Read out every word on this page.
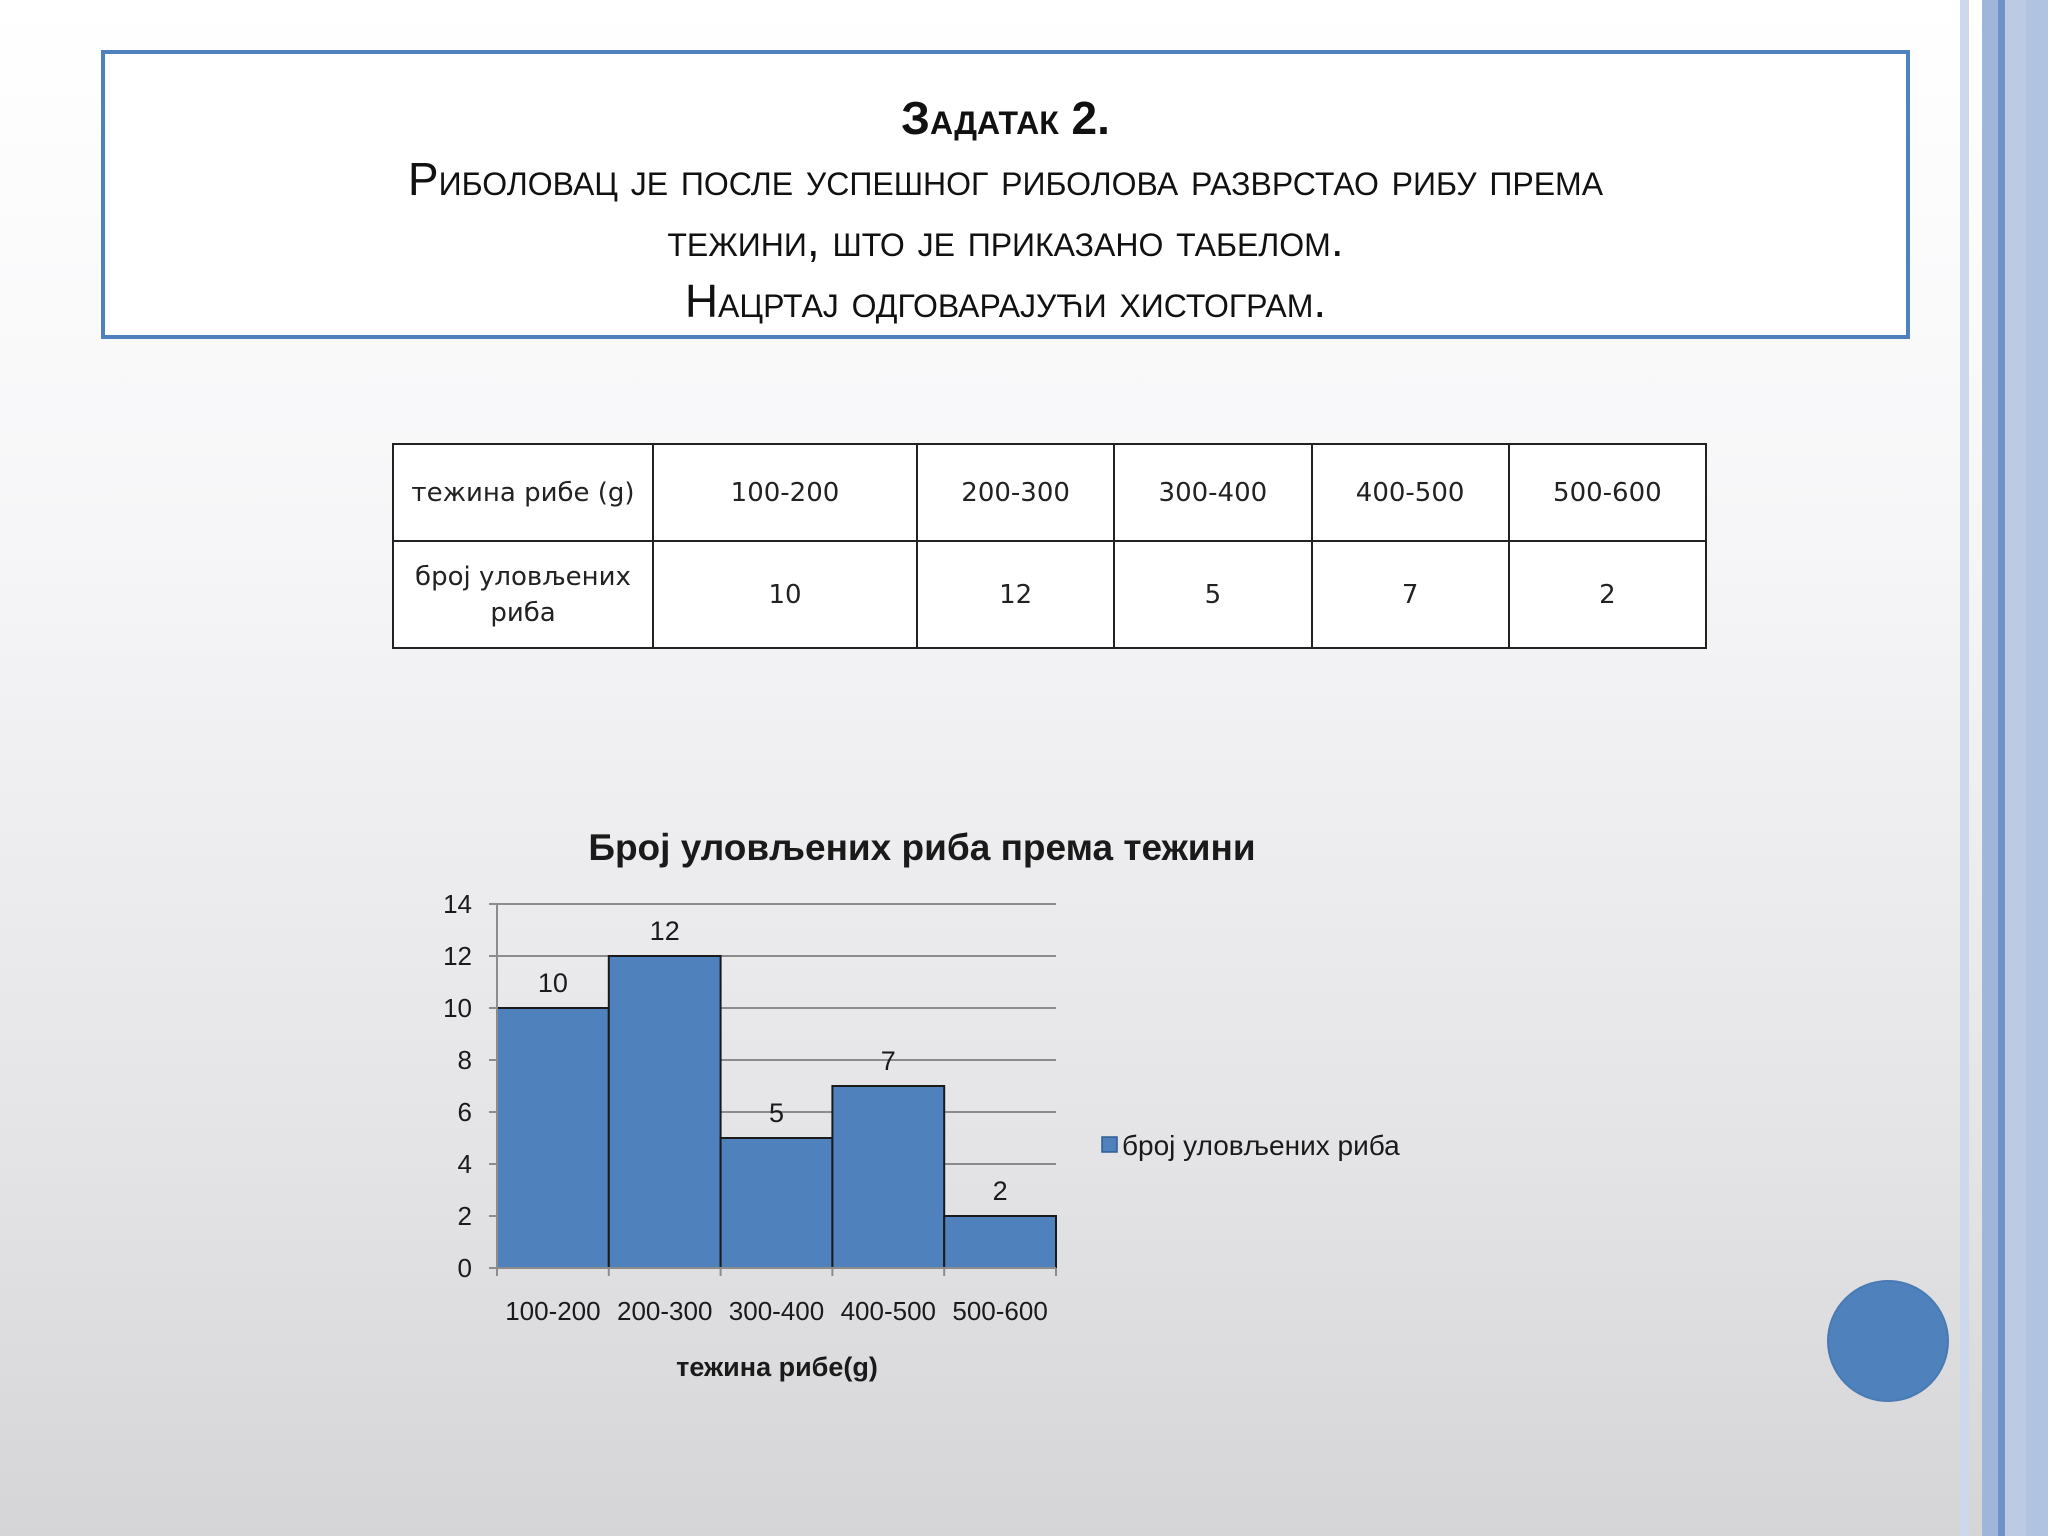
Задатак 2.
Риболовац је после успешног риболова разврстао рибу према
тежини, што је приказано табелом.
Нацртај одговарајући хистограм.
тежина рибе (g)	100-200	200-300	300-400	400-500	500-600
број уловљених
риба	10	12	5	7	2
Број уловљених риба према тежини
0
2
4
6
8
10
12
14
10
100-200
12
200-300
5
300-400
7
400-500
2
500-600
тежина рибе(g)
број уловљених риба
